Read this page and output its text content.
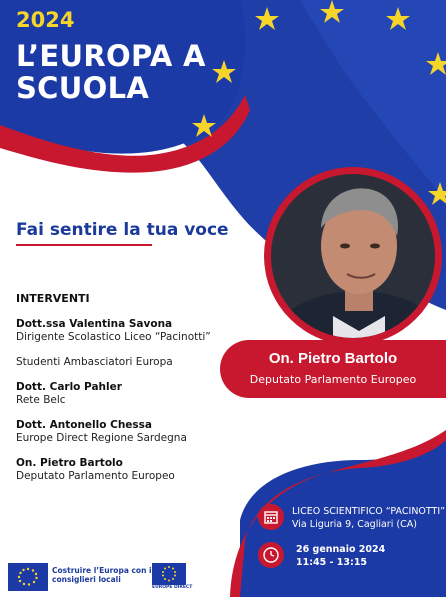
2024
L’EUROPA A
SCUOLA
Fai sentire la tua voce
INTERVENTI
Dott.ssa Valentina Savona
Dirigente Scolastico Liceo “Pacinotti”
Studenti Ambasciatori Europa
Dott. Carlo Pahler
Rete Belc
Dott. Antonello Chessa
Europe Direct Regione Sardegna
On. Pietro Bartolo
Deputato Parlamento Europeo
On. Pietro Bartolo
Deputato Parlamento Europeo
LICEO SCIENTIFICO “PACINOTTI”
Via Liguria 9, Cagliari (CA)
26 gennaio 2024
11:45 - 13:15
Costruire l’Europa con i
consiglieri locali
EUROPE DIRECT
